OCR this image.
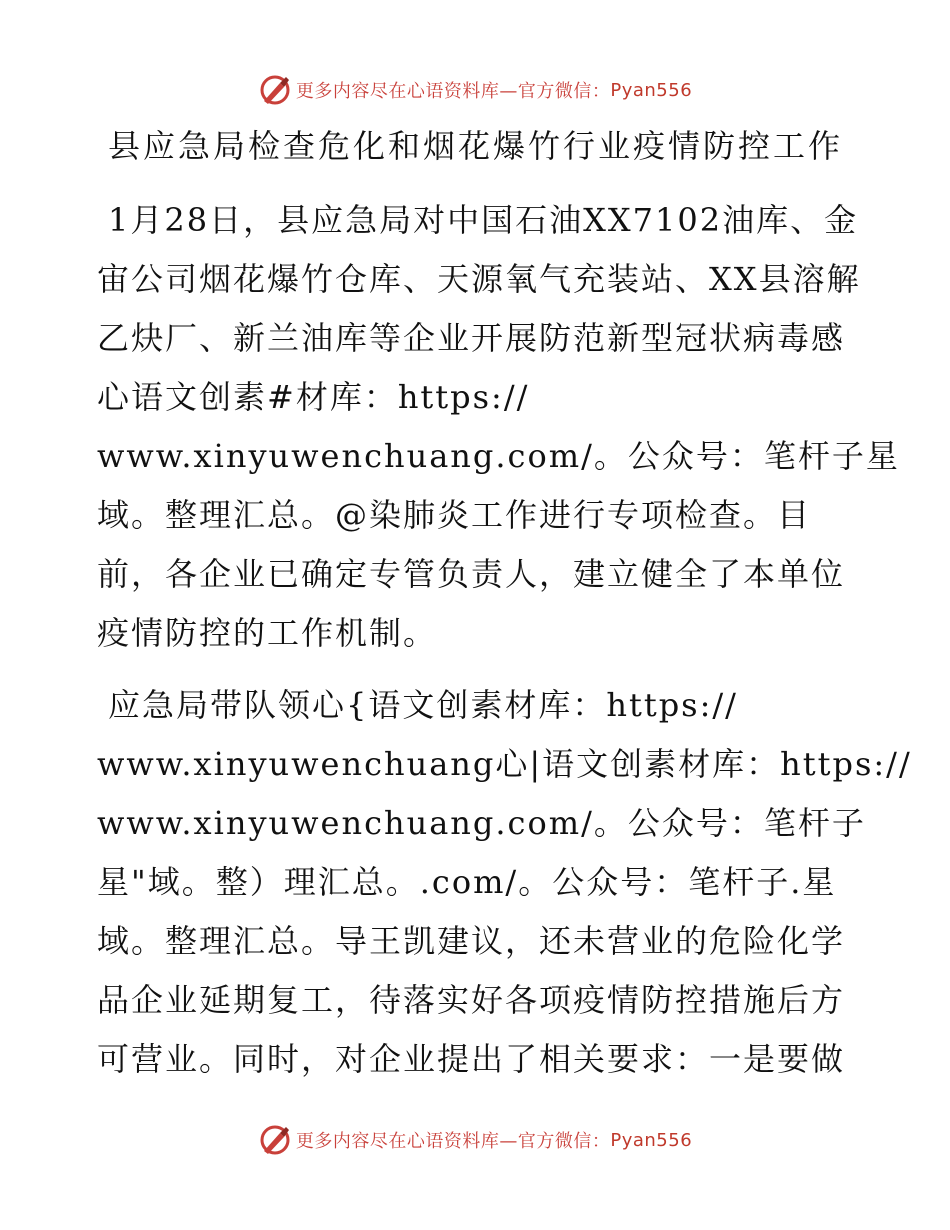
更多内容尽在心语资料库—官方微信： Pyan556
县应急局检查危化和烟花爆竹行业疫情防控工作
1月28日，县应急局对中国石油XX7102油库、金
宙公司烟花爆竹仓库、天源氧气充装站、XX县溶解
乙炔厂、新兰油库等企业开展防范新型冠状病毒感
心语文创素#材库：https://
www.xinyuwenchuang.com/。公众号：笔杆子星
域。整理汇总。@染肺炎工作进行专项检查。目
前，各企业已确定专管负责人，建立健全了本单位
疫情防控的工作机制。
应急局带队领心{语文创素材库：https://
www.xinyuwenchuang心|语文创素材库：https://
www.xinyuwenchuang.com/。公众号：笔杆子
星"域。整）理汇总。.com/。公众号：笔杆子.星
域。整理汇总。导王凯建议，还未营业的危险化学
品企业延期复工，待落实好各项疫情防控措施后方
可营业。同时，对企业提出了相关要求：一是要做
更多内容尽在心语资料库—官方微信： Pyan556
